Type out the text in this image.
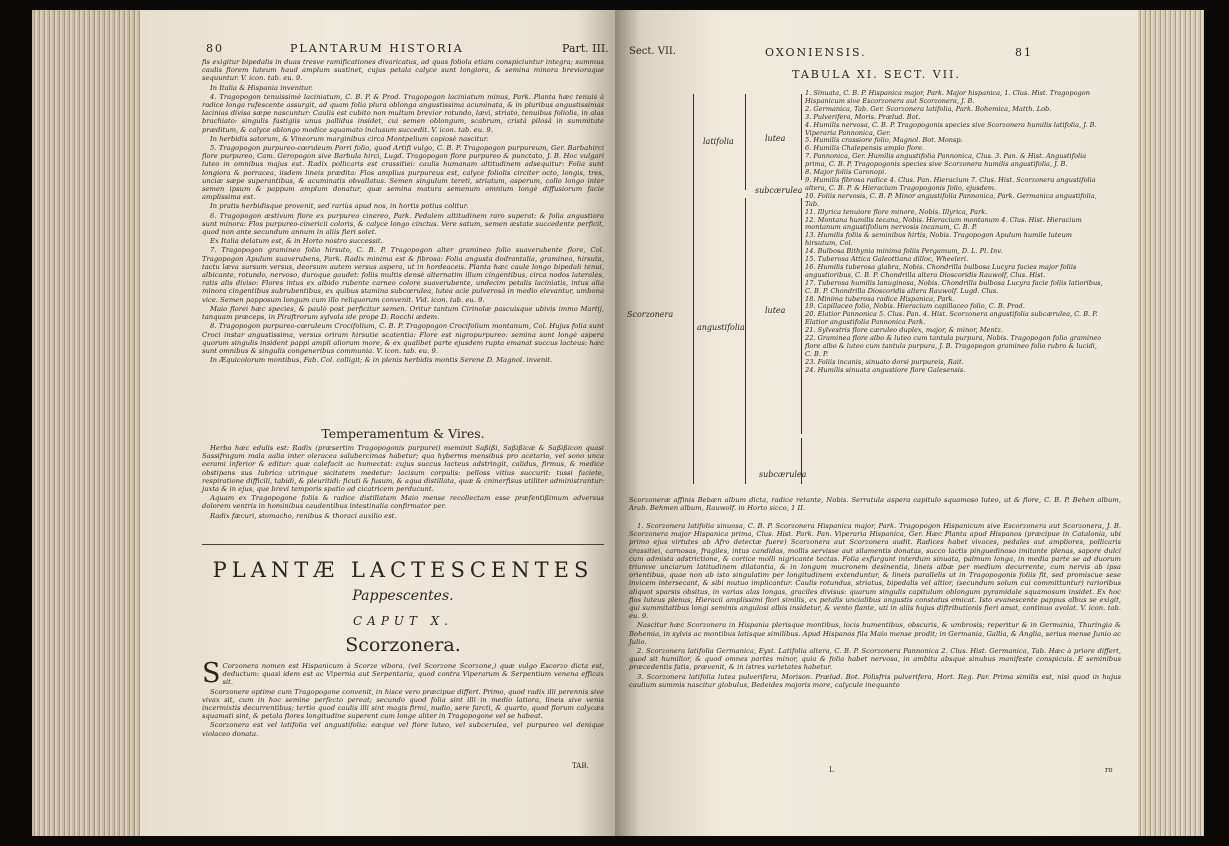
80	PLANTARUM HISTORIA	Part. III.

fis exigitur bipedalis in duas tresve ramificationes divaricatus, ad quas foliola etiam conspiciuntur integra; summus caulis florem luteum haud amplum sustinet, cujus petala calyce sunt longiora, & semina minora brevioraque sequuntur. V. icon. tab. eu. 9.

In Italia & Hispania invenitur.

4. Tragopogon tenuissimè laciniatum, C. B. P. & Prod. Tragopogon laciniatum minus, Park. Planta hæc tenuis à radice longa rufescente assurgit, ad quam folia plura oblonga angustissima acuminata, & in pluribus angustissimas lacinias divisa sæpe nascuntur: Caulis est cubito non multum brevior rotundo, lævi, striato, tenuibus foliolis, in alas brachiato: singulis fastigiis unus pallidus insidet, cui semen oblongum, scabrum, cristâ pilosâ in summitate præditum, & calyce oblongo modice squamato inclusum succedit. V. icon. tab. eu. 9.

In herbidis satorum, & Vineorum marginibus circa Montpelium copiosè nascitur.

5. Tragopogon purpureo-cœruleum Porri folio, quod Artifi vulgo, C. B. P. Tragopogon purpureum, Ger. Barbahirci flore purpureo, Cam. Geropogon sive Barbula hirci, Lugd. Tragopogon flore purpureo & punctato, J. B. Hoc vulgari luteo in omnibus majus est. Radix pollicaris est crassitiei: caulis humanam altitudinem adsequitur: Folia sunt longiora & porracea, iisdem lineis prædita: Flos amplius purpureus est, calyce foliolis circiter octo, longis, tres, unciæ sæpe superantibus, & acuminatis obvallatus. Semen singulum tereti, striatum, asperum, collo longo inter semen ipsum & pappum amplum donatur, quæ semina matura semenum omnium longè diffusiorum facie amplissima est.

In pratis herbidisque provenit, sed rariùs apud nos, in hortis potius colitur.

6. Tragopogon æstivum flore ex purpureo cinereo, Park. Pedalem altitudinem raro superat: & folia angustiora sunt minora: Flos purpureo-cinericii coloris, & calyce longo cinctus. Vere satum, semen æstate succedente perficit, quod non ante secundum annum in aliis fieri solet.

Ex Italia delatum est, & in Horto nostro successit.

7. Tragopogon gramineo folio hirsuto, C. B. P. Tragopogon alter gramineo folio suaverubente flore, Col. Tragopogon Apulum suaverubens, Park. Radix minima est & fibrosa: Folia angusta dodrantalia, graminea, hirsuta, tactu læva sursum versus, deorsum autem versus aspera, ut in hordeaceis. Planta hæc caule longo bipedali tenui, albicante, rotundo, nervoso, duroque gaudet: foliis multis densè alternatim illum cingentibus, circa nodos laterales, ratis alis diviso: Flores intus ex albido rubente carneo colore suaverubente, undecim petalis laciniatis, intus alia minora cingentibus subrubentibus, ex quibus stamina subcœrulea, lutea acie pulverosâ in medio elevantur, umbona vice. Semen papposum longum cum illo reliquorum convenit. Vid. icon. tab. eu. 9.

Maio florei hæc species, & paulò post perficitur semen. Oritur tantum Cirinolæ pascuisque ubivis immo Martij, tanquam præceps, in Piraftrorum sylvola ide prope D. Rocchi ædem.

8. Tragopogon purpureo-cœruleum Crocifolium, C. B. P. Tragopogon Crocifolium montanum, Col. Hujus folia sunt Croci instar angustissima, versus oriram hirsutie scatentia: Flore est nigropurpureo: semina sunt longè aspera quorum singulis insident pappi ampli aliorum more, & ex qualibet parte ejusdem rupta emanat succus lacteus: hæc sunt omnibus & singulis congeneribus communia. V. icon. tab. eu. 9.

In Æquicolorum montibus, Fab. Col. colligit; & in plenis herbidis montis Serene D. Magnol. invenit.

Temperamentum & Vires.

Herba hæc edulis est: Radix (præsertim Tragopogonis purpurei) meminit Saßißi, Saßißicæ & Saßißicon quasi Sassifragum mala aalia inter oleracea salubercimas habetur; qua hyberms mensibus pro acetario, vel sono unca eerami inferior & editur: quæ calefacit ac humectat: cujus succus lacteus adstringit, calidus, firmus, & medice obstipans sus lubrica utrinque sicitatem medetur: lacisum corpulis: pelloss vitius succurit: tussi faciete, respiratione difficili, tabidi, & pleuritidi: ficuti & fusum, & aqua distillata, quæ & cninerfisus utiliter administrantur: juxta & in ejus, que brevi temporis spatio ad cicatricem perducunt.

Aquam ex Tragopogone foliis & radice distillatam Maio mense recollectam esse præfentißimum adversus dolorem ventris in hominibus caudentibus intestinalia confirmator per.

Radix fæcuri, stomacho, renibus & thoraci auxilio est.

PLANTÆ LACTESCENTES
Pappescentes.
CAPUT X.
Scorzonera.

S Corzonera nomen est Hispanicum à Scorze vibora, (vel Scorzone Scorzone,) quæ vulgo Escorzo dicta est, deductum: quasi idem est ac Vipernia aut Serpentaria, quod contra Viperarum & Serpentium venena efficax sit.

Scorzonere optime cum Tragopogone convenit, in hisce vero præcipue differt. Primo, quod radix illi perennis sive vivax sit, cum in hoc semine perfecto pereat; secundo quod folia sint illi in medio latiora, lineis sive venis incermixtis decurrentibus; tertio quod caulis illi sint magis firmi, nudio, sere farcti, & quarto, quod florum calycæs squamati sint, & petala flores longitudine superent cum longe aliter in Tragopogone vel se habeat.

Scorzonera est vel latifolia vel angustifolia: eæque vel flore luteo, vel subcerulea, vel purpureo vel denique violaceo donata.

TAB.
Sect. VII.	OXONIENSIS.	81
TABULA XI. SECT. VII.
Scorzonera
latifolia
angustifolia
lutea
subcærulea
lutea
subcærulea

1. Sinuata, C. B. P. Hispanica major, Park. Major hispanica, 1. Clus. Hist. Tragopogon Hispanicum sive Escorzonera aut Scorzonera, J. B.

2. Germanica, Tab. Ger. Scorzonera latifolia, Park. Bohemica, Matth. Lob.

3. Pulverifera, Moris. Prælud. Bot.

4. Humilis nervosa, C. B. P. Tragopogonis species sive Scorzonera humilis latifolia, J. B. Viperaria Pannonica, Ger.

5. Humilis crassiore folio, Magnol. Bot. Monsp.

6. Humilis Chalepensis amplo flore.

7. Pannonica, Ger. Humilis angustifolia Pannonica, Clus. 3. Pan. & Hist. Angustifolia prima, C. B. P. Tragopogonis species sive Scorzonera humilis angustifolia, J. B.

8. Major foliis Caronopi.

9. Humilis fibrosa radice 4. Clus. Pan. Hieracium 7. Clus. Hist. Scorzonera angustifolia altera, C. B. P. & Hieracium Tragopogonis folio, ejusdem.

10. Foliis nervosis, C. B. P. Minor angustifolia Pannonica, Park. Germanica angustifolia, Tab.

11. Illyrica tenuiore flore minore, Nobis. Illyrica, Park.

12. Montana humilis tecana, Nobis. Hieracium montanum 4. Clus. Hist. Hieracium montanum angustifolium nervosis incanum, C. B. P.

13. Humilis foliis & seminibus hirtis, Nobis. Tragopogon Apulum humile luteum hirsutum, Col.

14. Bulbosa Bithynia minima foliis Pergamum, D. L. Pl. Inv.

15. Tuberosa Attica Galeottiana dilloc, Wheeleri.

16. Humilis tuberosa glabra, Nobis. Chondrilla bulbosa Lucyra facies major foliis angustioribus, C. B. P. Chondrilla altera Dioscoridis Rauwolf, Clus. Hist.

17. Tuberosa humilis lanuginosa, Nobis. Chondrilla bulbosa Lucyra facie foliis latioribus, C. B. P. Chondrilla Dioscoridis altera Rauwolf. Lugd. Clus.

18. Minima tuberosa radice Hispanica, Park.

19. Capillaceo folio, Nobis. Hieracium capillaceo folio, C. B. Prod.

20. Elatior Pannonica 5. Clus. Pan. 4. Hist. Scorzonera angustifolia subcærulea, C. B. P. Elatior angustifolia Pannonica Park.

21. Sylvestris flore cæruleo duplex, major, & minor, Mentz.

22. Graminea flore albo & luteo cum tantula purpura, Nobis. Tragopogon folio gramineo flore albo & luteo cum tantula purpura, J. B. Tragopogon gramineo folio rubro & lucidi, C. B. P.

23. Foliis incanis, sinuato dorsi purpureis, Rait.

24. Humilis sinuata angustiore flore Galesensis.

Scorzoneræ affinis Bebæn album dicta, radice retante, Nobis. Serratula aspera capitulo squamoso luteo, ut & flore, C. B. P. Behen album, Arab. Behmen album, Rauwolf. in Horto sicco, 1 II.

1. Scorzonera latifolia sinuosa, C. B. P. Scorzonera Hispanica major, Park. Tragopogon Hispanicum sive Escorzonera aut Scorzonera, J. B. Scorzonera major Hispanica prima, Clus. Hist. Park. Pan. Viperaria Hispanica, Ger. Hæc Planta apud Hispanos (præcipue in Catalonia, ubi primo ejus virtutes ab Afro detectæ fuere) Scorzonera aut Scorzonera audit. Radices habet vivaces, pedales aut ampliores, pollicaris crassitiei, carnosas, fragiles, intus candidas, mollis servisse aut silamentis donatas, succo lactis pinguedinoso imitante plenas, sapore dulci cum admista adstrictione, & cortice molli nigricante tectas. Folia exfurgunt interdum sinuata, palmum longa, in media parte se ad duorum triumve unciarum latitudinem dilatantia, & in longum mucronem desinentia, lineis albæ per medium decurrente, cum nervis ab ipsa orientibus, quae non ab isto singulatim per longitudinem extenduntur, & lineis parallelis ut in Tragopogonis foliis fit, sed promiscue sese invicem intersecant, & sibi mutuo implicantur. Caulis rotundus, striatus, bipedalis vel altior, (secundum solum cui committuntur) rarioribus aliquot sparsis obsitus, in varias alas longas, graciles divisus: quarum singulis capitulum oblongum pyramidale squamosum insidet. Ex hoc flos luteus plenus, Hieracii amplissimi flori similis, ex petalis uncialibus angustis constatus emicat. Isto evanescente pappus albus se exigit, qui summitatibus longi seminis angulosi albis insidetur, & vento flante, uti in aliis hujus diftributionis fieri amat, continuo avolat. V. icon. tab. eu. 9.

Nascitur hæc Scorzonera in Hispania plerisque montibus, locis humentibus, obscuris, & umbrosis; reperitur & in Germania, Thuringia & Bohemia, in sylvis ac montibus latisque similibus. Apud Hispanos fila Maio mense prodit; in Germania, Gallia, & Anglia, serius mense Junio ac Julio.

2. Scorzonera latifolia Germanica, Eyst. Latifolia altera, C. B. P. Scorzonera Pannonica 2. Clus. Hist. Germanica, Tab. Hæc à priore differt, quod sit humilior, & quod omnes partes minor, quia & folia habet nervosa, in ambitu absque sinubus manifeste conspicuis. E seminibus præcedentis fatis, prævenit, & in istres varietates habetur.

3. Scorzonera latifolia lutea pulverifera, Morison. Prælud. Bot. Polisfris pulverifera, Hort. Reg. Par. Prima similis est, nisi quod in hujus caulium summis nascitur globulus, Bedeides majoris more, calycule inequanto

L	ro
